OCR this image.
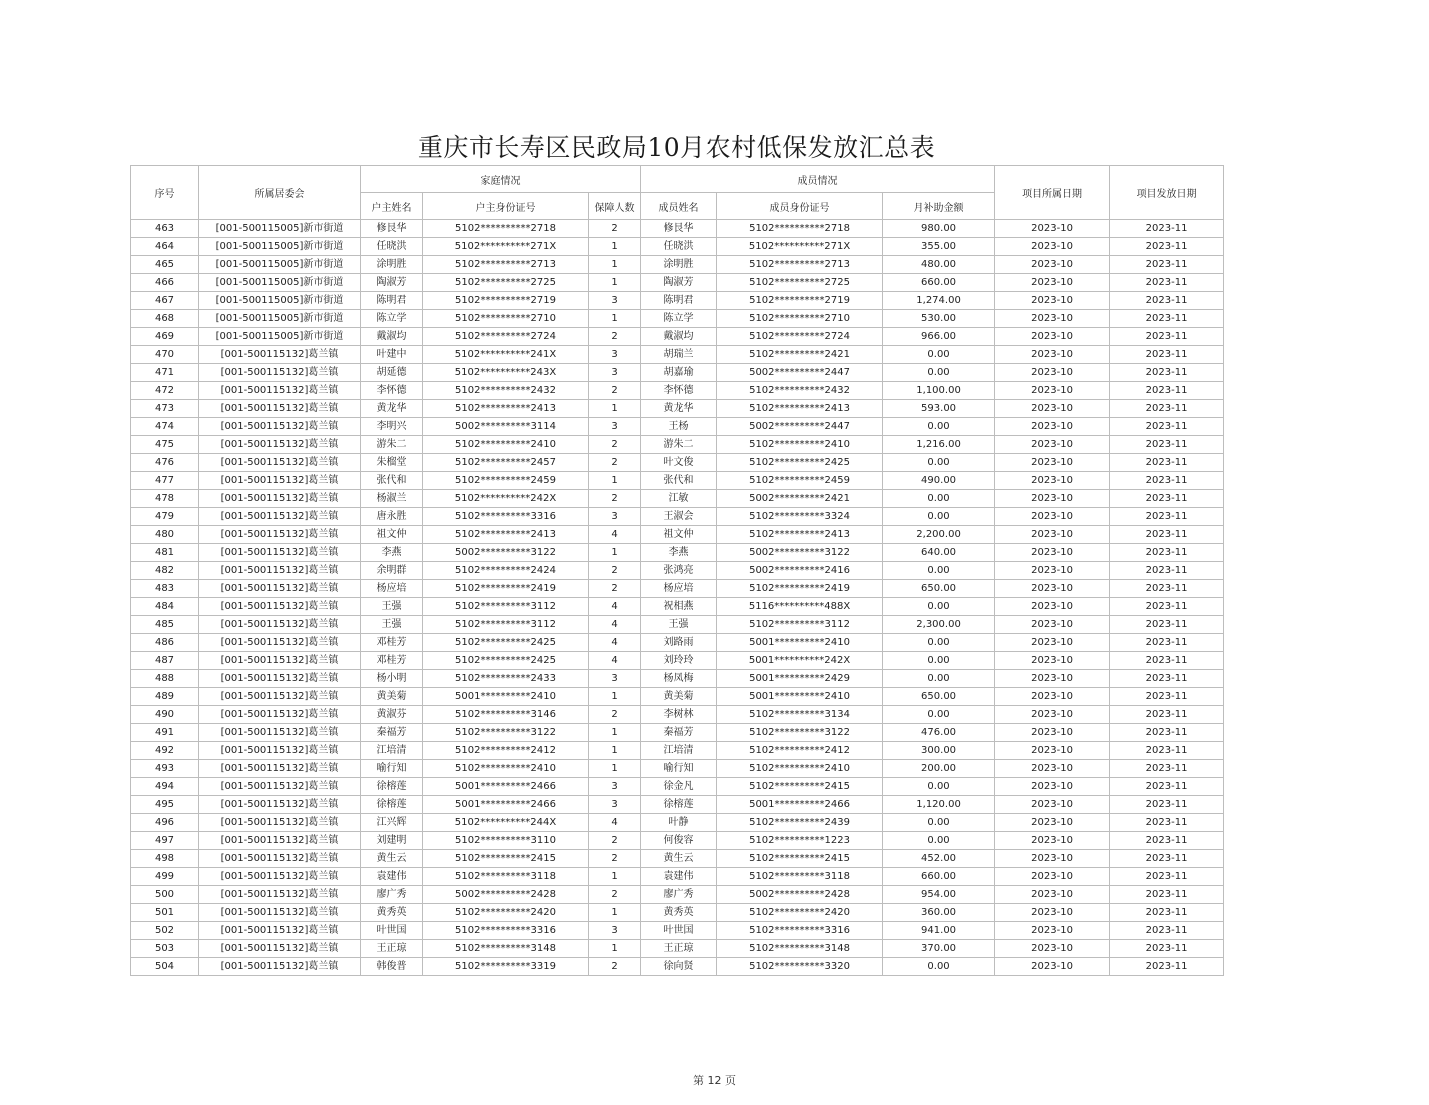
重庆市长寿区民政局10月农村低保发放汇总表
序号	所属居委会	家庭情况			成员情况			项目所属日期	项目发放日期
		户主姓名	户主身份证号	保障人数	成员姓名	成员身份证号	月补助金额		
463	[001-500115005]新市街道	修艮华	5102**********2718	2	修艮华	5102**********2718	980.00	2023-10	2023-11
464	[001-500115005]新市街道	任晓洪	5102**********271X	1	任晓洪	5102**********271X	355.00	2023-10	2023-11
465	[001-500115005]新市街道	涂明胜	5102**********2713	1	涂明胜	5102**********2713	480.00	2023-10	2023-11
466	[001-500115005]新市街道	陶淑芳	5102**********2725	1	陶淑芳	5102**********2725	660.00	2023-10	2023-11
467	[001-500115005]新市街道	陈明君	5102**********2719	3	陈明君	5102**********2719	1,274.00	2023-10	2023-11
468	[001-500115005]新市街道	陈立学	5102**********2710	1	陈立学	5102**********2710	530.00	2023-10	2023-11
469	[001-500115005]新市街道	戴淑均	5102**********2724	2	戴淑均	5102**********2724	966.00	2023-10	2023-11
470	[001-500115132]葛兰镇	叶建中	5102**********241X	3	胡瑞兰	5102**********2421	0.00	2023-10	2023-11
471	[001-500115132]葛兰镇	胡延德	5102**********243X	3	胡嘉瑜	5002**********2447	0.00	2023-10	2023-11
472	[001-500115132]葛兰镇	李怀德	5102**********2432	2	李怀德	5102**********2432	1,100.00	2023-10	2023-11
473	[001-500115132]葛兰镇	黄龙华	5102**********2413	1	黄龙华	5102**********2413	593.00	2023-10	2023-11
474	[001-500115132]葛兰镇	李明兴	5002**********3114	3	王杨	5002**********2447	0.00	2023-10	2023-11
475	[001-500115132]葛兰镇	游朱二	5102**********2410	2	游朱二	5102**********2410	1,216.00	2023-10	2023-11
476	[001-500115132]葛兰镇	朱榴堂	5102**********2457	2	叶文俊	5102**********2425	0.00	2023-10	2023-11
477	[001-500115132]葛兰镇	张代和	5102**********2459	1	张代和	5102**********2459	490.00	2023-10	2023-11
478	[001-500115132]葛兰镇	杨淑兰	5102**********242X	2	江敏	5002**********2421	0.00	2023-10	2023-11
479	[001-500115132]葛兰镇	唐永胜	5102**********3316	3	王淑会	5102**********3324	0.00	2023-10	2023-11
480	[001-500115132]葛兰镇	祖文仲	5102**********2413	4	祖文仲	5102**********2413	2,200.00	2023-10	2023-11
481	[001-500115132]葛兰镇	李燕	5002**********3122	1	李燕	5002**********3122	640.00	2023-10	2023-11
482	[001-500115132]葛兰镇	余明群	5102**********2424	2	张鸿亮	5002**********2416	0.00	2023-10	2023-11
483	[001-500115132]葛兰镇	杨应培	5102**********2419	2	杨应培	5102**********2419	650.00	2023-10	2023-11
484	[001-500115132]葛兰镇	王强	5102**********3112	4	祝相燕	5116**********488X	0.00	2023-10	2023-11
485	[001-500115132]葛兰镇	王强	5102**********3112	4	王强	5102**********3112	2,300.00	2023-10	2023-11
486	[001-500115132]葛兰镇	邓桂芳	5102**********2425	4	刘路雨	5001**********2410	0.00	2023-10	2023-11
487	[001-500115132]葛兰镇	邓桂芳	5102**********2425	4	刘玲玲	5001**********242X	0.00	2023-10	2023-11
488	[001-500115132]葛兰镇	杨小明	5102**********2433	3	杨凤梅	5001**********2429	0.00	2023-10	2023-11
489	[001-500115132]葛兰镇	黄美菊	5001**********2410	1	黄美菊	5001**********2410	650.00	2023-10	2023-11
490	[001-500115132]葛兰镇	黄淑芬	5102**********3146	2	李树林	5102**********3134	0.00	2023-10	2023-11
491	[001-500115132]葛兰镇	秦福芳	5102**********3122	1	秦福芳	5102**********3122	476.00	2023-10	2023-11
492	[001-500115132]葛兰镇	江培清	5102**********2412	1	江培清	5102**********2412	300.00	2023-10	2023-11
493	[001-500115132]葛兰镇	喻行知	5102**********2410	1	喻行知	5102**********2410	200.00	2023-10	2023-11
494	[001-500115132]葛兰镇	徐榕莲	5001**********2466	3	徐金凡	5102**********2415	0.00	2023-10	2023-11
495	[001-500115132]葛兰镇	徐榕莲	5001**********2466	3	徐榕莲	5001**********2466	1,120.00	2023-10	2023-11
496	[001-500115132]葛兰镇	江兴辉	5102**********244X	4	叶静	5102**********2439	0.00	2023-10	2023-11
497	[001-500115132]葛兰镇	刘建明	5102**********3110	2	何俊容	5102**********1223	0.00	2023-10	2023-11
498	[001-500115132]葛兰镇	黄生云	5102**********2415	2	黄生云	5102**********2415	452.00	2023-10	2023-11
499	[001-500115132]葛兰镇	袁建伟	5102**********3118	1	袁建伟	5102**********3118	660.00	2023-10	2023-11
500	[001-500115132]葛兰镇	廖广秀	5002**********2428	2	廖广秀	5002**********2428	954.00	2023-10	2023-11
501	[001-500115132]葛兰镇	黄秀英	5102**********2420	1	黄秀英	5102**********2420	360.00	2023-10	2023-11
502	[001-500115132]葛兰镇	叶世国	5102**********3316	3	叶世国	5102**********3316	941.00	2023-10	2023-11
503	[001-500115132]葛兰镇	王正琼	5102**********3148	1	王正琼	5102**********3148	370.00	2023-10	2023-11
504	[001-500115132]葛兰镇	韩俊普	5102**********3319	2	徐向贤	5102**********3320	0.00	2023-10	2023-11
第 12 页
